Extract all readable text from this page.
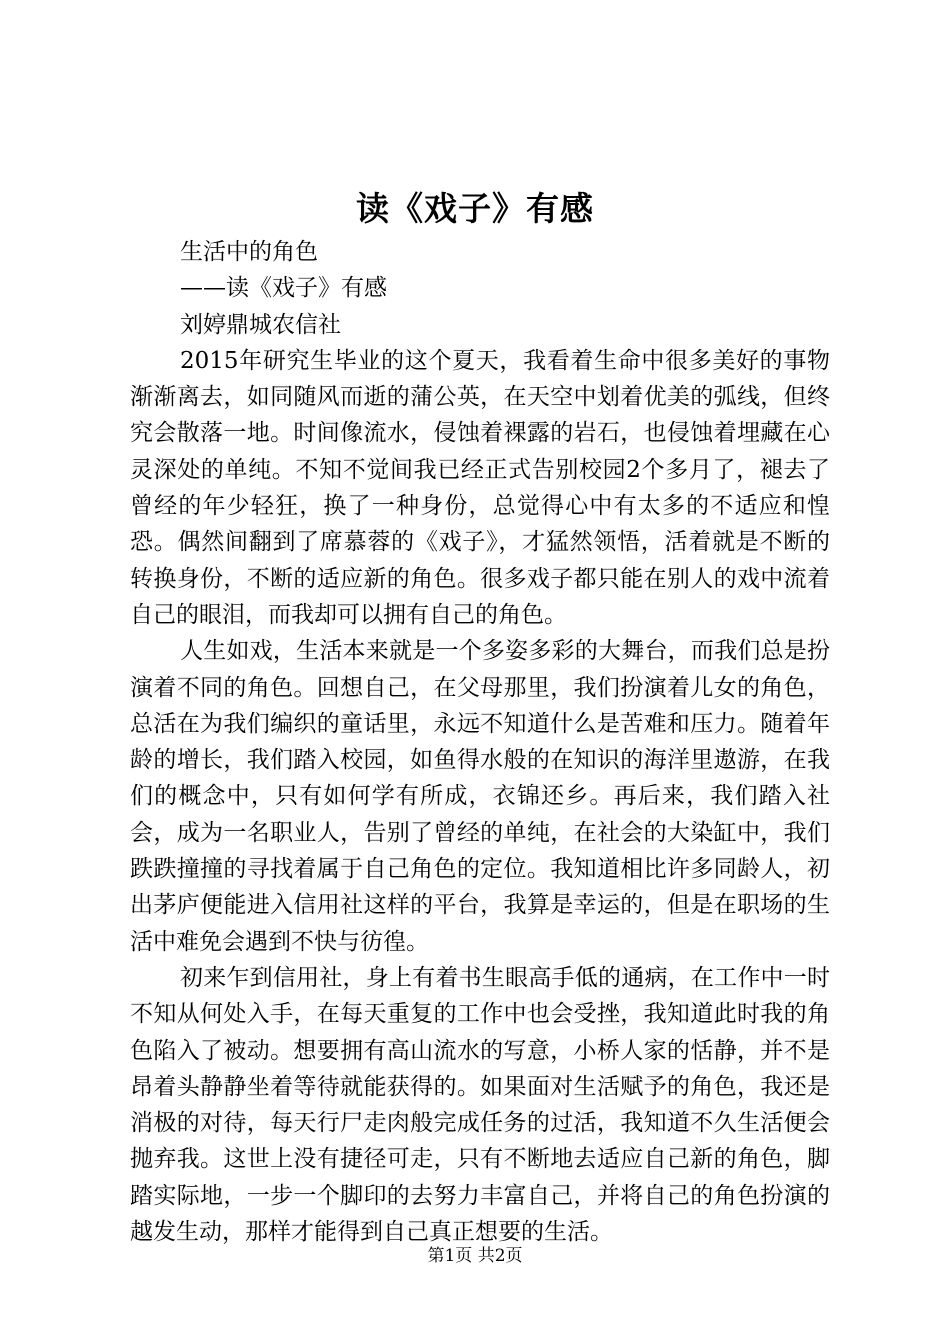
读《戏子》有感

生活中的角色

——读《戏子》有感

刘婷鼎城农信社

2015年研究生毕业的这个夏天，我看着生命中很多美好的事物渐渐离去，如同随风而逝的蒲公英，在天空中划着优美的弧线，但终究会散落一地。时间像流水，侵蚀着裸露的岩石，也侵蚀着埋藏在心灵深处的单纯。不知不觉间我已经正式告别校园2个多月了，褪去了曾经的年少轻狂，换了一种身份，总觉得心中有太多的不适应和惶恐。偶然间翻到了席慕蓉的《戏子》，才猛然领悟，活着就是不断的转换身份，不断的适应新的角色。很多戏子都只能在别人的戏中流着自己的眼泪，而我却可以拥有自己的角色。

人生如戏，生活本来就是一个多姿多彩的大舞台，而我们总是扮演着不同的角色。回想自己，在父母那里，我们扮演着儿女的角色，总活在为我们编织的童话里，永远不知道什么是苦难和压力。随着年龄的增长，我们踏入校园，如鱼得水般的在知识的海洋里遨游，在我们的概念中，只有如何学有所成，衣锦还乡。再后来，我们踏入社会，成为一名职业人，告别了曾经的单纯，在社会的大染缸中，我们跌跌撞撞的寻找着属于自己角色的定位。我知道相比许多同龄人，初出茅庐便能进入信用社这样的平台，我算是幸运的，但是在职场的生活中难免会遇到不快与彷徨。

初来乍到信用社，身上有着书生眼高手低的通病，在工作中一时不知从何处入手，在每天重复的工作中也会受挫，我知道此时我的角色陷入了被动。想要拥有高山流水的写意，小桥人家的恬静，并不是昂着头静静坐着等待就能获得的。如果面对生活赋予的角色，我还是消极的对待，每天行尸走肉般完成任务的过活，我知道不久生活便会抛弃我。这世上没有捷径可走，只有不断地去适应自己新的角色，脚踏实际地，一步一个脚印的去努力丰富自己，并将自己的角色扮演的越发生动，那样才能得到自己真正想要的生活。

第1页 共2页
